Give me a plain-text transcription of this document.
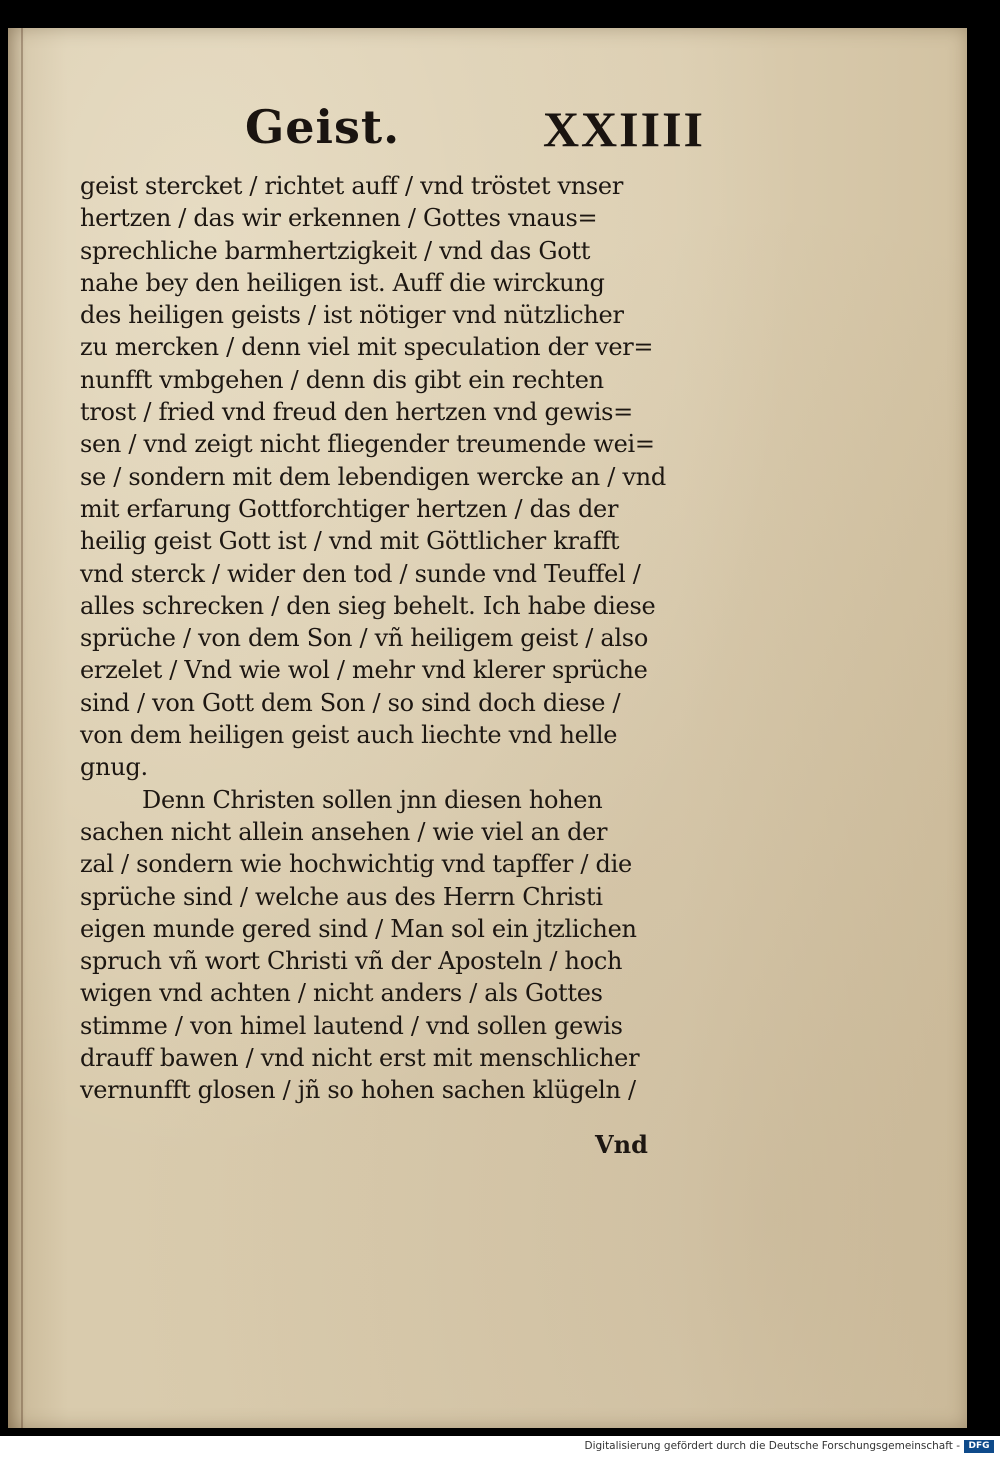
Geist.	XXIIII
geist stercket / richtet auff / vnd tröstet vnser
hertzen / das wir erkennen / Gottes vnaus=
sprechliche barmhertzigkeit / vnd das Gott
nahe bey den heiligen ist. Auff die wirckung
des heiligen geists / ist nötiger vnd nützlicher
zu mercken / denn viel mit speculation der ver=
nunfft vmbgehen / denn dis gibt ein rechten
trost / fried vnd freud den hertzen vnd gewis=
sen / vnd zeigt nicht fliegender treumende wei=
se / sondern mit dem lebendigen wercke an / vnd
mit erfarung Gottforchtiger hertzen / das der
heilig geist Gott ist / vnd mit Göttlicher krafft
vnd sterck / wider den tod / sunde vnd Teuffel /
alles schrecken / den sieg behelt. Ich habe diese
sprüche / von dem Son / vñ heiligem geist / also
erzelet / Vnd wie wol / mehr vnd klerer sprüche
sind / von Gott dem Son / so sind doch diese /
von dem heiligen geist auch liechte vnd helle
gnug.
Denn Christen sollen jnn diesen hohen
sachen nicht allein ansehen / wie viel an der
zal / sondern wie hochwichtig vnd tapffer / die
sprüche sind / welche aus des Herrn Christi
eigen munde gered sind / Man sol ein jtzlichen
spruch vñ wort Christi vñ der Aposteln / hoch
wigen vnd achten / nicht anders / als Gottes
stimme / von himel lautend / vnd sollen gewis
drauff bawen / vnd nicht erst mit menschlicher
vernunfft glosen / jñ so hohen sachen klügeln /
Vnd
Digitalisierung gefördert durch die Deutsche Forschungsgemeinschaft - DFG
